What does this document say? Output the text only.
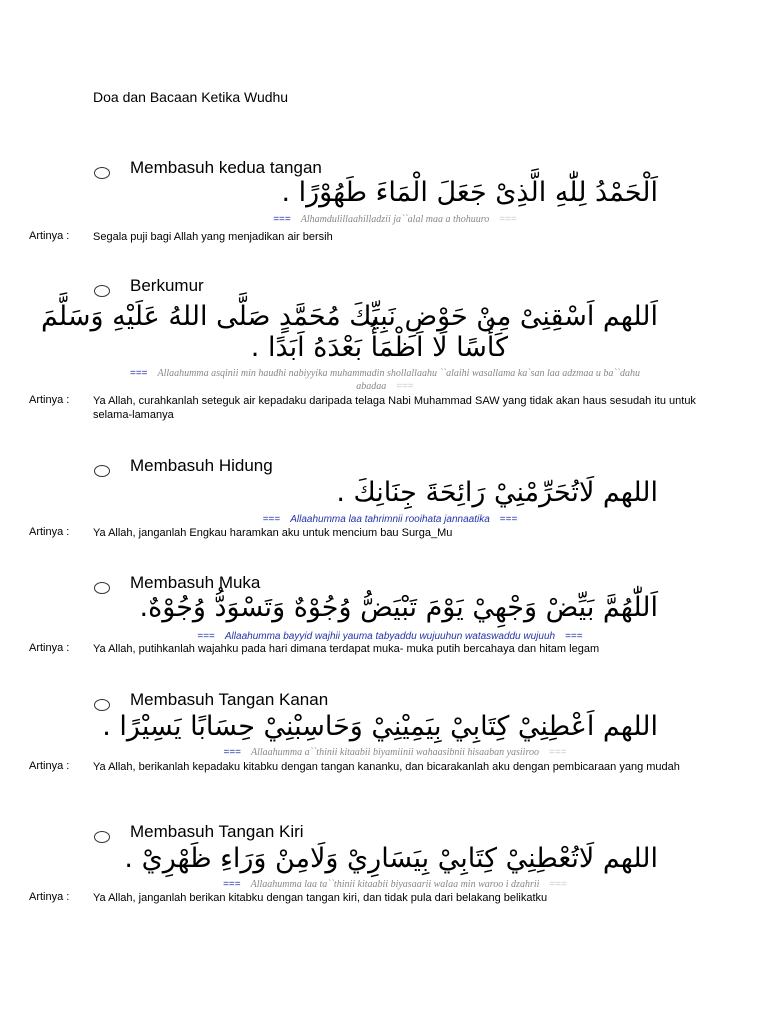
Doa dan Bacaan Ketika Wudhu
Membasuh kedua tangan
اَلْحَمْدُ لِلّٰهِ الَّذِىْ جَعَلَ الْمَاءَ طَهُوْرًا .
=== Alhamdulillaahilladzii ja``alal maa a thohuuro ===
Artinya : Segala puji bagi Allah yang menjadikan air bersih
Berkumur
اَللهم اَسْقِنِىْ مِنْ حَوْضِ نَبِيِّكَ مُحَمَّدٍ صَلَّى اللهُ عَلَيْهِ وَسَلَّمَ
كَأْسًا لَا اَظْمَأُ بَعْدَهُ اَبَدًا .
=== Allaahumma asqinii min haudhi nabiyyika muhammadin shollallaahu ``alaihi wasallama ka`san laa adzmaa u ba``dahu abadaa ===
Artinya : Ya Allah, curahkanlah seteguk air kepadaku daripada telaga Nabi Muhammad SAW yang tidak akan haus sesudah itu untuk selama-lamanya
Membasuh Hidung
اللهم لَاتُحَرِّمْنِيْ رَائِحَةَ جِنَانِكَ .
=== Allaahumma laa tahrimnii rooihata jannaatika ===
Artinya : Ya Allah, janganlah Engkau haramkan aku untuk mencium bau Surga_Mu
Membasuh Muka
اَللّٰهُمَّ بَيِّضْ وَجْهِيْ يَوْمَ تَبْيَضُّ وُجُوْهٌ وَتَسْوَدُّ وُجُوْهٌ.
=== Allaahumma bayyid wajhii yauma tabyaddu wujuuhun wataswaddu wujuuh ===
Artinya : Ya Allah, putihkanlah wajahku pada hari dimana terdapat muka- muka putih bercahaya dan hitam legam
Membasuh Tangan Kanan
اللهم اَعْطِنِيْ كِتَابِيْ بِيَمِيْنِيْ وَحَاسِبْنِيْ حِسَابًا يَسِيْرًا .
=== Allaahumma a``thinii kitaabii biyamiinii wahaasibnii hisaaban yasiiroo ===
Artinya : Ya Allah, berikanlah kepadaku kitabku dengan tangan kananku, dan bicarakanlah aku dengan pembicaraan yang mudah
Membasuh Tangan Kiri
اللهم لَاتُعْطِنِيْ كِتَابِيْ بِيَسَارِيْ وَلَامِنْ وَرَاءِ ظَهْرِيْ .
=== Allaahumma laa ta``thinii kitaabii biyasaarii walaa min waroo i dzahrii ===
Artinya : Ya Allah, janganlah berikan kitabku dengan tangan kiri, dan tidak pula dari belakang belikatku
